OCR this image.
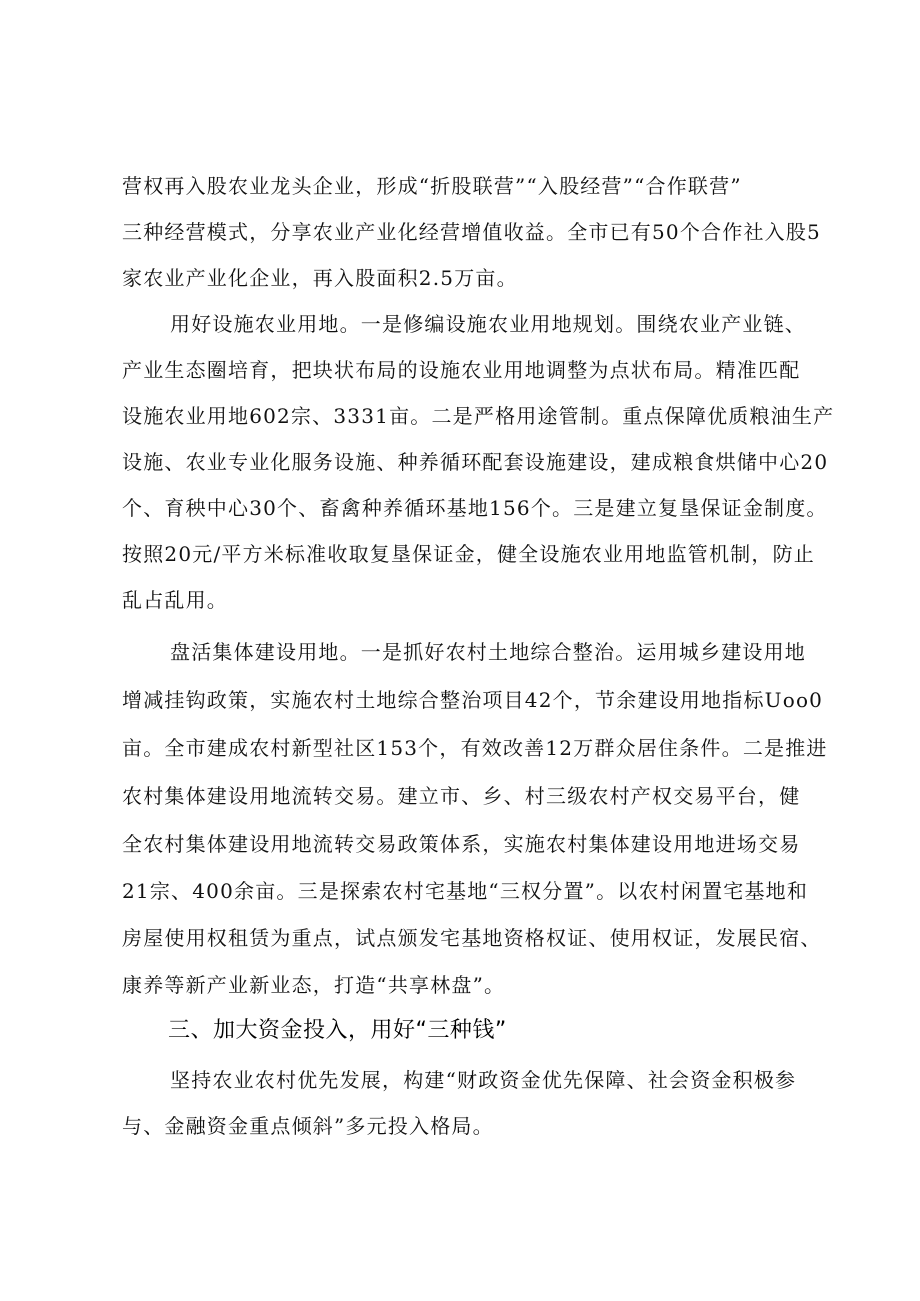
营权再入股农业龙头企业，形成“折股联营”“入股经营”“合作联营”
三种经营模式，分享农业产业化经营增值收益。全市已有50个合作社入股5
家农业产业化企业，再入股面积2.5万亩。
用好设施农业用地。一是修编设施农业用地规划。围绕农业产业链、
产业生态圈培育，把块状布局的设施农业用地调整为点状布局。精准匹配
设施农业用地602宗、3331亩。二是严格用途管制。重点保障优质粮油生产
设施、农业专业化服务设施、种养循环配套设施建设，建成粮食烘储中心20
个、育秧中心30个、畜禽种养循环基地156个。三是建立复垦保证金制度。
按照20元/平方米标准收取复垦保证金，健全设施农业用地监管机制，防止
乱占乱用。
盘活集体建设用地。一是抓好农村土地综合整治。运用城乡建设用地
增减挂钩政策，实施农村土地综合整治项目42个，节余建设用地指标Uoo0
亩。全市建成农村新型社区153个，有效改善12万群众居住条件。二是推进
农村集体建设用地流转交易。建立市、乡、村三级农村产权交易平台，健
全农村集体建设用地流转交易政策体系，实施农村集体建设用地进场交易
21宗、400余亩。三是探索农村宅基地“三权分置”。以农村闲置宅基地和
房屋使用权租赁为重点，试点颁发宅基地资格权证、使用权证，发展民宿、
康养等新产业新业态，打造“共享林盘”。
三、加大资金投入，用好“三种钱”
坚持农业农村优先发展，构建“财政资金优先保障、社会资金积极参
与、金融资金重点倾斜”多元投入格局。
